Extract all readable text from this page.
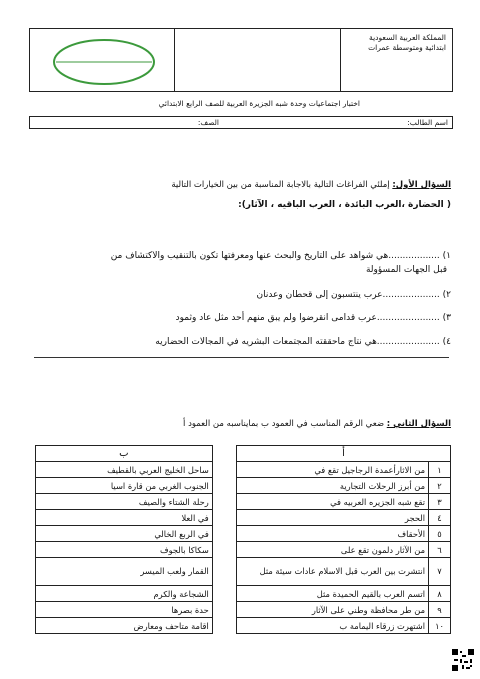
المملكة العربية السعودية
ابتدائية ومتوسطة عمرات
اختبار اجتماعيات وحدة شبه الجزيرة العربية للصف الرابع الابتدائي
اسم الطالب:
الصف:
السؤال الأول: إملئي الفراغات التالية بالاجابة المناسبة من بين الخيارات التالية
( الحضارة ،العرب البائدة ، العرب الباقيه ، الآثار):
١) ..................هي شواهد على التاريخ والبحث عنها ومعرفتها تكون بالتنقيب والاكتشاف من
قبل الجهات المسؤولة
٢) ....................عرب ينتسبون إلى قحطان وعدنان
٣) ......................عرب قدامى انقرضوا ولم يبق منهم أحد مثل عاد وثمود
٤) ......................هي نتاج ماحققته المجتمعات البشريه في المجالات الحضاريه
السؤال الثاني : ضعي الرقم المناسب في العمود ب بمايناسبه من العمود أ
أ			ب
١	من الاثارأعمدة الرجاجيل تقع في		ساحل الخليج العربي بالقطيف
٢	من أبرز الرحلات التجارية		الجنوب الغربي من قارة اسيا
٣	تقع شبه الجزيره العربيه في		رحلة الشتاء والصيف
٤	الحجر		في العلا
٥	الأحقاف		في الربع الخالي
٦	من الآثار دلمون تقع على		سكاكا بالجوف
٧	انتشرت بين العرب قبل الاسلام عادات سيئة مثل		القمار ولعب الميسر
٨	اتسم العرب بالقيم الحميدة مثل		الشجاعة والكرم
٩	من طر محافظة وطني على الآثار		حدة بصرها
١٠	اشتهرت زرقاء اليمامة ب		اقامة متاحف ومعارض
